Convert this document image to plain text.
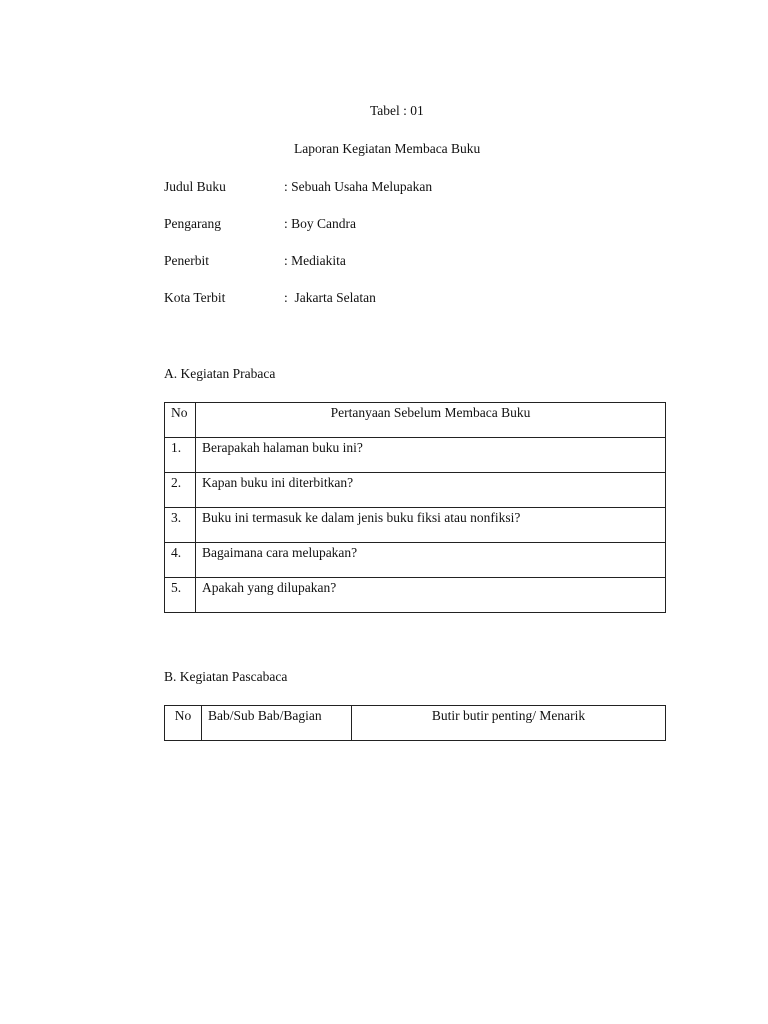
Tabel : 01
Laporan Kegiatan Membaca Buku
Judul Buku	: Sebuah Usaha Melupakan
Pengarang	: Boy Candra
Penerbit	: Mediakita
Kota Terbit	:  Jakarta Selatan
A. Kegiatan Prabaca
No	Pertanyaan Sebelum Membaca Buku
1.	Berapakah halaman buku ini?
2.	Kapan buku ini diterbitkan?
3.	Buku ini termasuk ke dalam jenis buku fiksi atau nonfiksi?
4.	Bagaimana cara melupakan?
5.	Apakah yang dilupakan?
B. Kegiatan Pascabaca
No	Bab/Sub Bab/Bagian	Butir butir penting/ Menarik
